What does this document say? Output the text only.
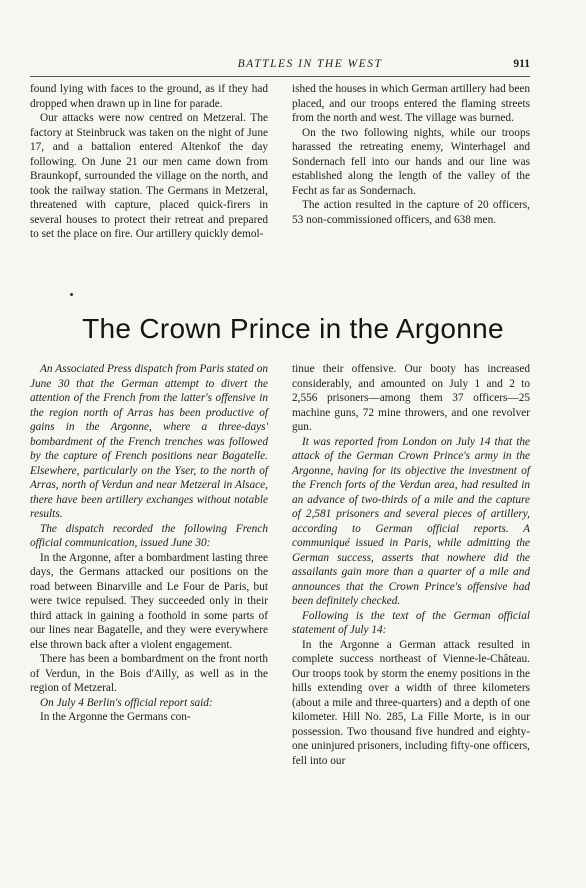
BATTLES IN THE WEST	911

found lying with faces to the ground, as if they had dropped when drawn up in line for parade.

Our attacks were now centred on Metzeral. The factory at Steinbruck was taken on the night of June 17, and a battalion entered Altenkof the day following. On June 21 our men came down from Braunkopf, surrounded the village on the north, and took the railway station. The Germans in Metzeral, threatened with capture, placed quick-firers in several houses to protect their retreat and prepared to set the place on fire. Our artillery quickly demol-

ished the houses in which German artillery had been placed, and our troops entered the flaming streets from the north and west. The village was burned.

On the two following nights, while our troops harassed the retreating enemy, Winterhagel and Sondernach fell into our hands and our line was established along the length of the valley of the Fecht as far as Sondernach.

The action resulted in the capture of 20 officers, 53 non-commissioned officers, and 638 men.

The Crown Prince in the Argonne

An Associated Press dispatch from Paris stated on June 30 that the German attempt to divert the attention of the French from the latter's offensive in the region north of Arras has been productive of gains in the Argonne, where a three-days' bombardment of the French trenches was followed by the capture of French positions near Bagatelle. Elsewhere, particularly on the Yser, to the north of Arras, north of Verdun and near Metzeral in Alsace, there have been artillery exchanges without notable results.

The dispatch recorded the following French official communication, issued June 30:

In the Argonne, after a bombardment lasting three days, the Germans attacked our positions on the road between Binarville and Le Four de Paris, but were twice repulsed. They succeeded only in their third attack in gaining a foothold in some parts of our lines near Bagatelle, and they were everywhere else thrown back after a violent engagement.

There has been a bombardment on the front north of Verdun, in the Bois d'Ailly, as well as in the region of Metzeral.

On July 4 Berlin's official report said:

In the Argonne the Germans con-

tinue their offensive. Our booty has increased considerably, and amounted on July 1 and 2 to 2,556 prisoners—among them 37 officers—25 machine guns, 72 mine throwers, and one revolver gun.

It was reported from London on July 14 that the attack of the German Crown Prince's army in the Argonne, having for its objective the investment of the French forts of the Verdun area, had resulted in an advance of two-thirds of a mile and the capture of 2,581 prisoners and several pieces of artillery, according to German official reports. A communiqué issued in Paris, while admitting the German success, asserts that nowhere did the assailants gain more than a quarter of a mile and announces that the Crown Prince's offensive had been definitely checked.

Following is the text of the German official statement of July 14:

In the Argonne a German attack resulted in complete success northeast of Vienne-le-Château. Our troops took by storm the enemy positions in the hills extending over a width of three kilometers (about a mile and three-quarters) and a depth of one kilometer. Hill No. 285, La Fille Morte, is in our possession. Two thousand five hundred and eighty-one uninjured prisoners, including fifty-one officers, fell into our
